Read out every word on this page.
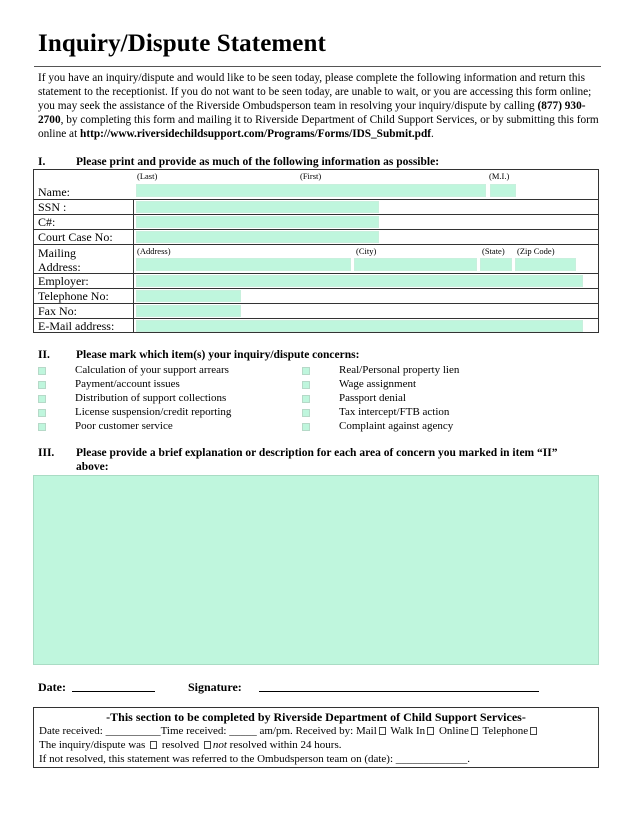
Inquiry/Dispute Statement
If you have an inquiry/dispute and would like to be seen today, please complete the following information and return this statement to the receptionist. If you do not want to be seen today, are unable to wait, or you are accessing this form online; you may seek the assistance of the Riverside Ombudsperson team in resolving your inquiry/dispute by calling (877) 930-2700, by completing this form and mailing it to Riverside Department of Child Support Services, or by submitting this form online at http://www.riversidechildsupport.com/Programs/Forms/IDS_Submit.pdf.
I.	Please print and provide as much of the following information as possible:
(Last)	(First)	(M.I.)
Name:
SSN :
C#:
Court Case No:
Mailing
Address:
(Address)	(City)	(State) (Zip Code)
Employer:
Telephone No:
Fax No:
E-Mail address:
II. Please mark which item(s) your inquiry/dispute concerns:
Calculation of your support arrears
Payment/account issues
Distribution of support collections
License suspension/credit reporting
Poor customer service
Real/Personal property lien
Wage assignment
Passport denial
Tax intercept/FTB action
Complaint against agency
III. Please provide a brief explanation or description for each area of concern you marked in item “II”
above:
Date:	Signature:
-This section to be completed by Riverside Department of Child Support Services-
Date received: __________Time received: _____ am/pm. Received by: Mail Walk In Online Telephone
The inquiry/dispute was resolved not resolved within 24 hours.
If not resolved, this statement was referred to the Ombudsperson team on (date): _____________.
